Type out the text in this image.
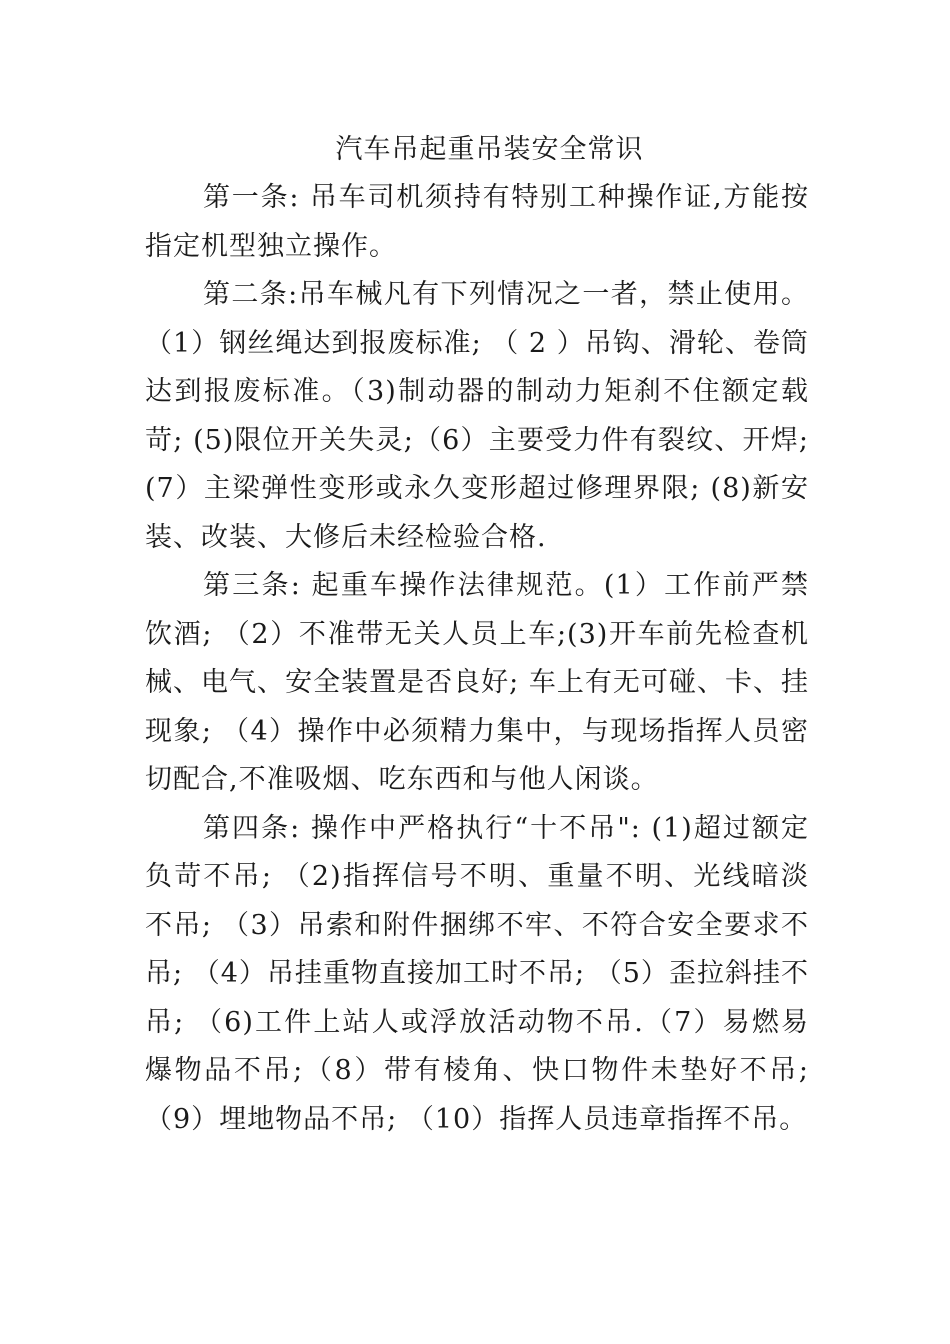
汽车吊起重吊装安全常识

第一条: 吊车司机须持有特别工种操作证,方能按指定机型独立操作。

第二条:吊车械凡有下列情况之一者，禁止使用。（1）钢丝绳达到报废标准; （ 2 ）吊钩、滑轮、卷筒达到报废标准。（3)制动器的制动力矩刹不住额定载苛; (5)限位开关失灵;（6）主要受力件有裂纹、开焊;(7）主梁弹性变形或永久变形超过修理界限; (8)新安装、改装、大修后未经检验合格.

第三条: 起重车操作法律规范。(1）工作前严禁饮酒; （2）不准带无关人员上车;(3)开车前先检查机械、电气、安全装置是否良好; 车上有无可碰、卡、挂现象; （4）操作中必须精力集中，与现场指挥人员密切配合,不准吸烟、吃东西和与他人闲谈。

第四条: 操作中严格执行“十不吊": (1)超过额定负苛不吊; （2)指挥信号不明、重量不明、光线暗淡不吊; （3）吊索和附件捆绑不牢、不符合安全要求不吊; （4）吊挂重物直接加工时不吊; （5）歪拉斜挂不吊; （6)工件上站人或浮放活动物不吊.（7）易燃易爆物品不吊;（8）带有棱角、快口物件未垫好不吊;（9）埋地物品不吊; （10）指挥人员违章指挥不吊。
